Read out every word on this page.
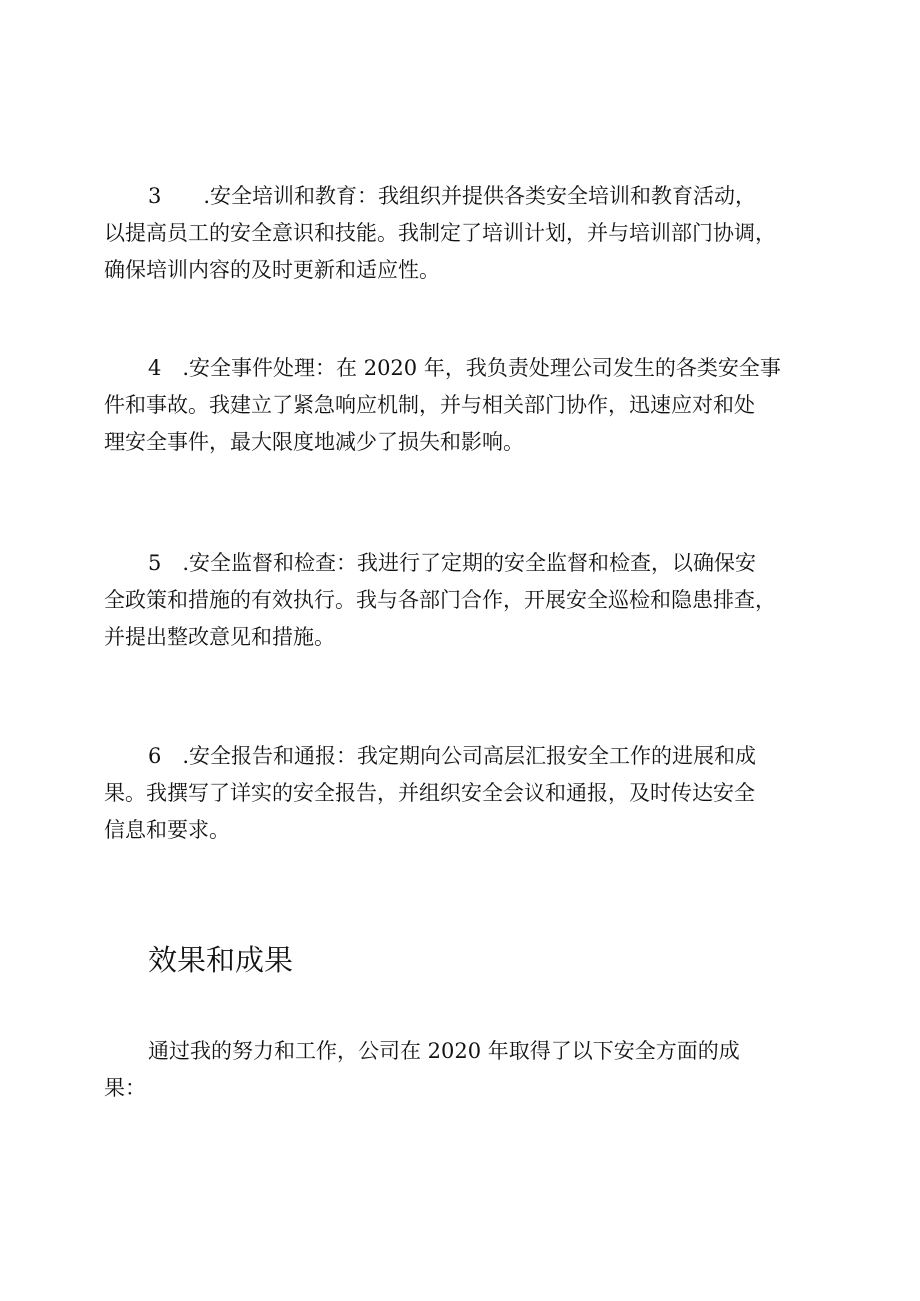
3　　.安全培训和教育：我组织并提供各类安全培训和教育活动，
以提高员工的安全意识和技能。我制定了培训计划，并与培训部门协调，
确保培训内容的及时更新和适应性。
4　.安全事件处理：在 2020 年，我负责处理公司发生的各类安全事
件和事故。我建立了紧急响应机制，并与相关部门协作，迅速应对和处
理安全事件，最大限度地减少了损失和影响。
5　.安全监督和检查：我进行了定期的安全监督和检查，以确保安
全政策和措施的有效执行。我与各部门合作，开展安全巡检和隐患排查，
并提出整改意见和措施。
6　.安全报告和通报：我定期向公司高层汇报安全工作的进展和成
果。我撰写了详实的安全报告，并组织安全会议和通报，及时传达安全
信息和要求。
效果和成果
通过我的努力和工作，公司在 2020 年取得了以下安全方面的成
果：
